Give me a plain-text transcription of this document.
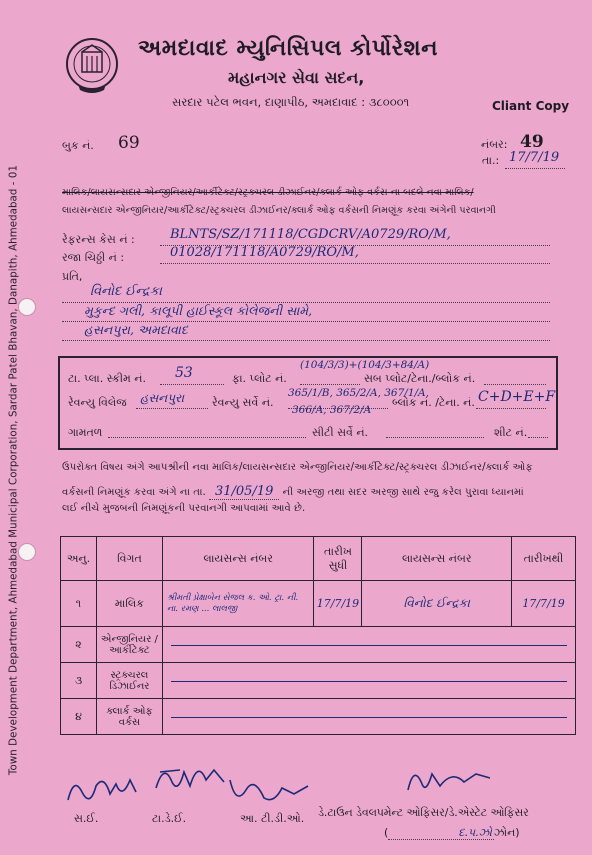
Town Development Department, Ahmedabad Municipal Corporation, Sardar Patel Bhavan, Danapith, Ahmedabad - 01
અમદાવાદ મ્યુનિસિપલ કોર્પોરેશન
મહાનગર સેવા સદન,
સરદાર પટેલ ભવન, દાણાપીઠ, અમદાવાદ : ૩૮૦૦૦૧	Cliant Copy
બુક નં. 69	નંબર: 49
તા.: 17/7/19
માલિક/લાયસન્સદાર એન્જીનિયર/આર્કીટેક્ટ/સ્ટ્રક્ચરલ ડીઝાઈનર/ક્લાર્ક ઓફ વર્કસ ના બદલે નવા માલિક/
લાયસન્સદાર એન્જીનિયર/આર્કીટેક્ટ/સ્ટ્રક્ચરલ ડીઝાઈનર/ક્લાર્ક ઓફ વર્કસની નિમણૂંક કરવા અંગેની પરવાનગી
રેફરન્સ કેસ નં :	BLNTS/SZ/171118/CGDCRV/A0729/RO/M,
રજા ચિઠ્ઠી નં :	01028/171118/A0729/RO/M,
પ્રતિ,
વિનોદ ઈન્દ્રકા
મુકુન્દ ગલી, કાલૂપી હાઈસ્કૂલ કોલેજની સામે,
હસનપુરા, અમદાવાદ
ટા. પ્લા. સ્કીમ નં. 53	ફા. પ્લોટ નં.
(104/3/3)+(104/3+84/A)
સબ પ્લોટ/ટેના./બ્લોક નં.
રેવન્યુ વિલેજ હસનપુરા	રેવન્યુ સર્વે નં.
365/1/B, 365/2/A, 367/1/A,
366/A, 367/2/A
બ્લોક નં. /ટેના. નં. C+D+E+F
ગામતળ	સીટી સર્વે નં.	શીટ નં.
ઉપરોક્ત વિષય અંગે આપશ્રીની નવા માલિક/લાયસન્સદાર એન્જીનિયર/આર્કીટેક્ટ/સ્ટ્રક્ચરલ ડીઝાઈનર/ક્લાર્ક ઓફ
વર્કસની નિમણૂંક કરવા અંગે ના તા. 31/05/19 ની અરજી તથા સદર અરજી સાથે રજુ કરેલ પુરાવા ધ્યાનમાં
લઈ નીચે મુજબની નિમણૂંકની પરવાનગી આપવામાં આવે છે.
અનુ.	વિગત	લાયસન્સ નંબર	તારીખ સુધી	લાયસન્સ નંબર	તારીખથી
૧	માલિક	શ્રીમતી પ્રેક્ષાબેન સેજલ ક. ઓ. ટ્રા. ની. ના. રમણ ... લાલજી	17/7/19	વિનોદ ઈન્દ્રકા	17/7/19
૨	એન્જીનિયર / આર્કીટેક્ટ				

૩	સ્ટ્રક્ચરલ ડિઝાઈનર				

૪	ક્લાર્ક ઓફ વર્કસ				
સ.ઈ.	ટા.ડે.ઈ.	આ. ટી.ડી.ઓ. ડે.ટાઉન ડેવલપમેન્ટ ઓફિસર/ડે.એસ્ટેટ ઓફિસર
(	દ.પ.ઝો ઝોન)
